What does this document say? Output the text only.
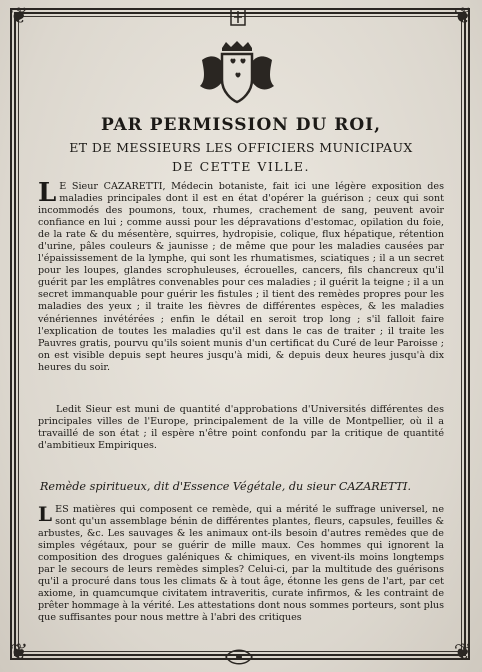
❦	❦
❦	❦
PAR PERMISSION DU ROI,
ET DE MESSIEURS LES OFFICIERS MUNICIPAUX
DE CETTE VILLE.
L E Sieur CAZARETTI, Médecin botaniste, fait ici une légère exposition des maladies principales dont il est en état d'opérer la guérison ; ceux qui sont incommodés des poumons, toux, rhumes, crachement de sang, peuvent avoir confiance en lui ; comme aussi pour les dépravations d'estomac, opilation du foie, de la rate & du mésentère, squirres, hydropisie, colique, flux hépatique, rétention d'urine, pâles couleurs & jaunisse ; de même que pour les maladies causées par l'épaississement de la lymphe, qui sont les rhumatismes, sciatiques ; il a un secret pour les loupes, glandes scrophuleuses, écrouelles, cancers, fils chancreux qu'il guérit par les emplâtres convenables pour ces maladies ; il guérit la teigne ; il a un secret immanquable pour guérir les fistules ; il tient des remèdes propres pour les maladies des yeux ; il traite les fièvres de différentes espèces, & les maladies vénériennes invétérées ; enfin le détail en seroit trop long ; s'il falloit faire l'explication de toutes les maladies qu'il est dans le cas de traiter ; il traite les Pauvres gratis, pourvu qu'ils soient munis d'un certificat du Curé de leur Paroisse ; on est visible depuis sept heures jusqu'à midi, & depuis deux heures jusqu'à dix heures du soir.
Ledit Sieur est muni de quantité d'approbations d'Universités différentes des principales villes de l'Europe, principalement de la ville de Montpellier, où il a travaillé de son état ; il espère n'être point confondu par la critique de quantité d'ambitieux Empiriques.
Remède spiritueux, dit d'Essence Végétale, du sieur CAZARETTI.
LES matières qui composent ce remède, qui a mérité le suffrage universel, ne sont qu'un assemblage bénin de différentes plantes, fleurs, capsules, feuilles & arbustes, &c. Les sauvages & les animaux ont-ils besoin d'autres remèdes que de simples végétaux, pour se guérir de mille maux. Ces hommes qui ignorent la composition des drogues galéniques & chimiques, en vivent-ils moins longtemps par le secours de leurs remèdes simples? Celui-ci, par la multitude des guérisons qu'il a procuré dans tous les climats & à tout âge, étonne les gens de l'art, par cet axiome, in quamcumque civitatem intraveritis, curate infirmos, & les contraint de prêter hommage à la vérité. Les attestations dont nous sommes porteurs, sont plus que suffisantes pour nous mettre à l'abri des critiques
